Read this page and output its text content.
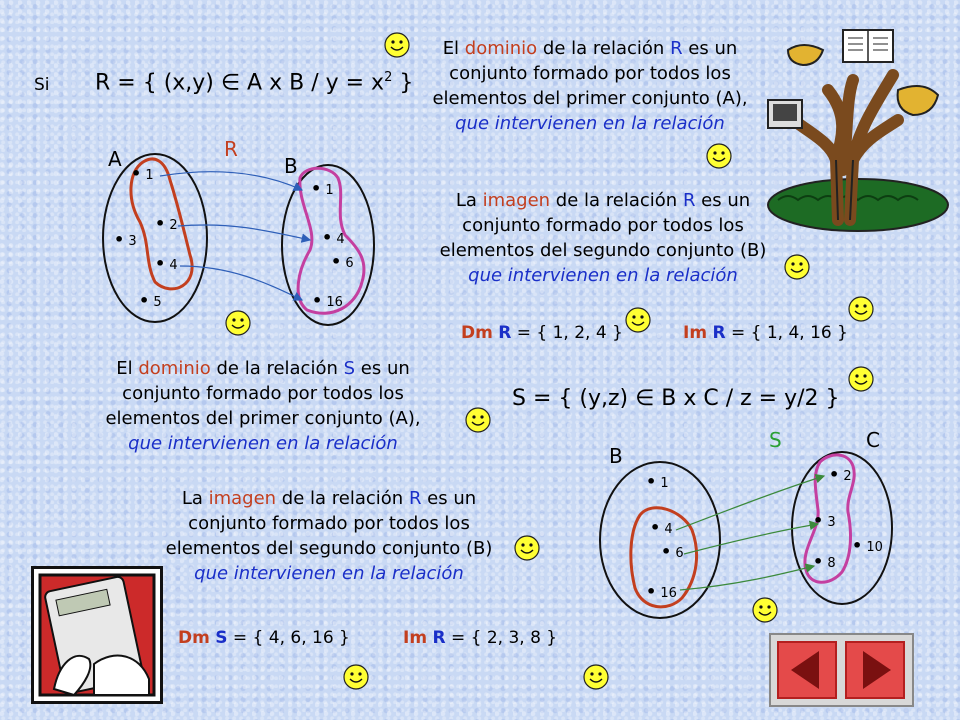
Si R = { (x,y) ∈ A x $B / y = x^2$ }
El dominio de la relación R es un conjunto formado por todos los elementos del primer conjunto (A), que intervienen en la relación
La imagen de la relación R es un conjunto formado por todos los elementos del segundo conjunto (B) que intervienen en la relación
Dm R = { 1, 2, 4 }	Im R = { 1, 4, 16 }
El dominio de la relación S es un conjunto formado por todos los elementos del primer conjunto (A), que intervienen en la relación
S = { (y,z) ∈ B x C / z = y/2 }
La imagen de la relación R es un conjunto formado por todos los elementos del segundo conjunto (B) que intervienen en la relación
Dm S = { 4, 6, 16 }	Im R = { 2, 3, 8 }
A	R
B
• 1
• 2
• 3
• 4
• 5
• 1
• 4
• 6
• 16
B
S	C
• 1
• 4
• 6
• 16
• 2
• 3
• 10
• 8
